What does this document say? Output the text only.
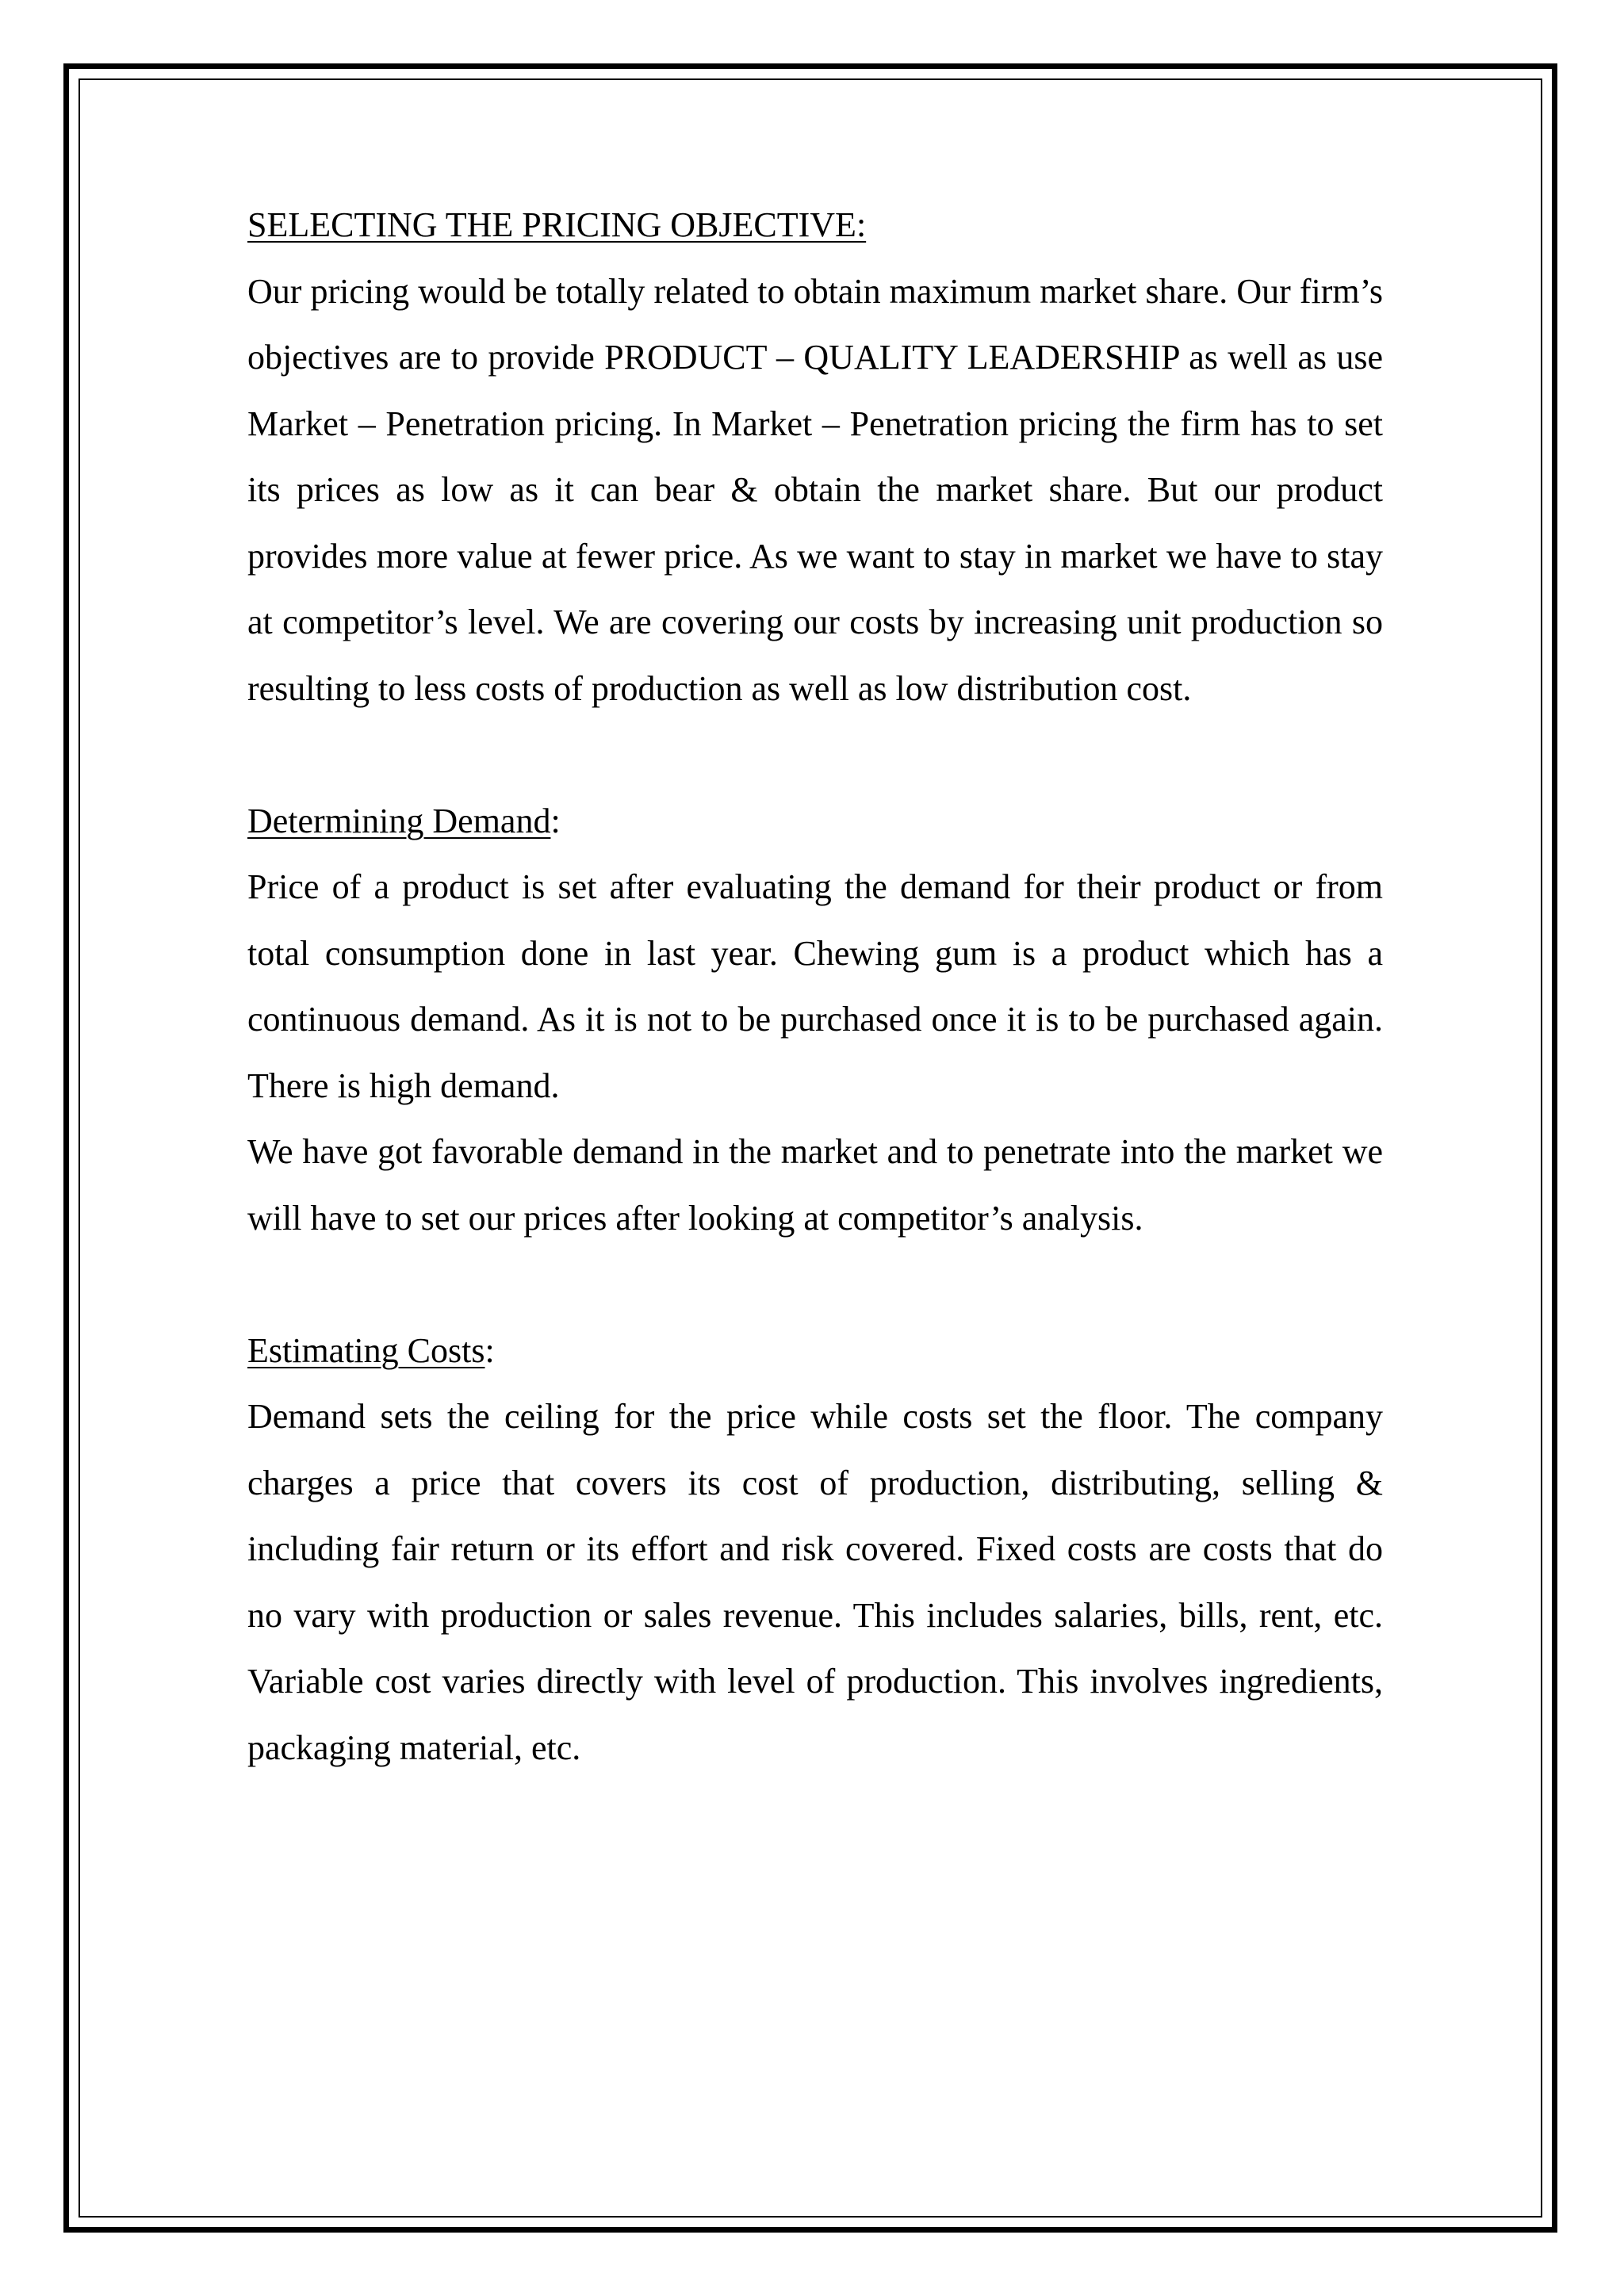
SELECTING THE PRICING OBJECTIVE:

Our pricing would be totally related to obtain maximum market share. Our firm’s objectives are to provide PRODUCT – QUALITY LEADERSHIP as well as use Market – Penetration pricing. In Market – Penetration pricing the firm has to set its prices as low as it can bear & obtain the market share. But our product provides more value at fewer price. As we want to stay in market we have to stay at competitor’s level. We are covering our costs by increasing unit production so resulting to less costs of production as well as low distribution cost.

Determining Demand:

Price of a product is set after evaluating the demand for their product or from total consumption done in last year. Chewing gum is a product which has a continuous demand. As it is not to be purchased once it is to be purchased again. There is high demand.

We have got favorable demand in the market and to penetrate into the market we will have to set our prices after looking at competitor’s analysis.

Estimating Costs:

Demand sets the ceiling for the price while costs set the floor. The company charges a price that covers its cost of production, distributing, selling & including fair return or its effort and risk covered. Fixed costs are costs that do no vary with production or sales revenue. This includes salaries, bills, rent, etc. Variable cost varies directly with level of production. This involves ingredients, packaging material, etc.
